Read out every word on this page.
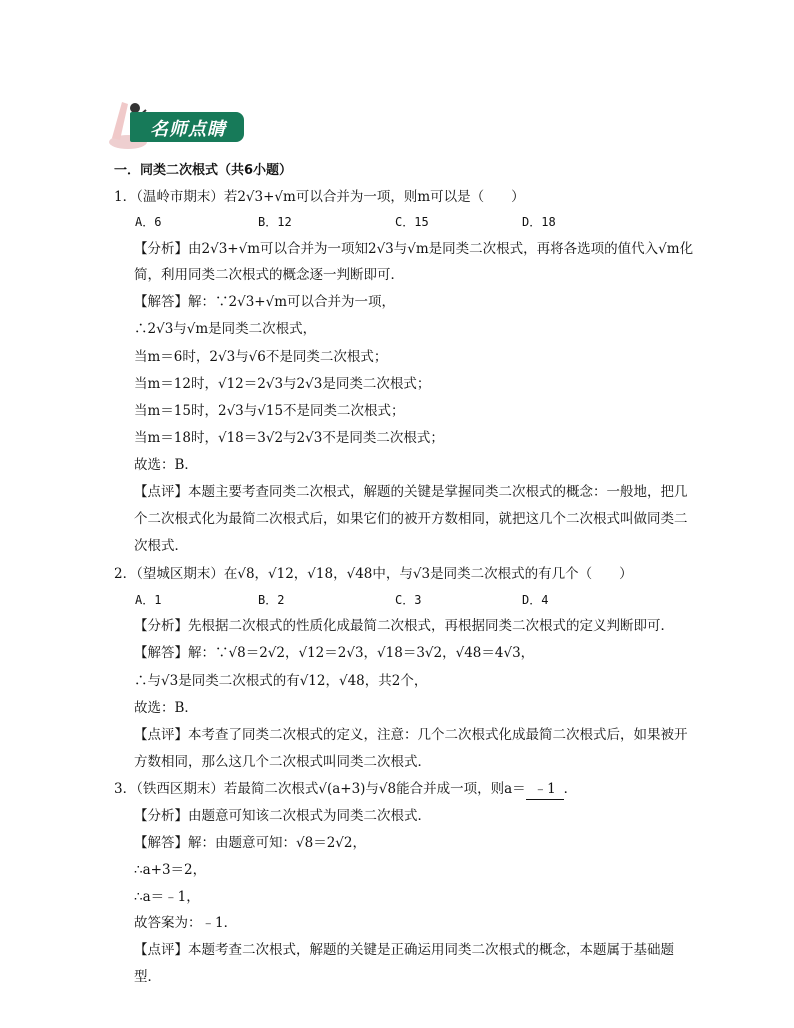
名师点睛
一．同类二次根式（共6小题）
1．（温岭市期末）若2√3+√m可以合并为一项，则m可以是（　　）
A．6	B．12	C．15	D．18
【分析】由2√3+√m可以合并为一项知2√3与√m是同类二次根式，再将各选项的值代入√m化
简，利用同类二次根式的概念逐一判断即可．
【解答】解：∵2√3+√m可以合并为一项，
∴2√3与√m是同类二次根式，
当m＝6时，2√3与√6不是同类二次根式；
当m＝12时，√12＝2√3与2√3是同类二次根式；
当m＝15时，2√3与√15不是同类二次根式；
当m＝18时，√18＝3√2与2√3不是同类二次根式；
故选：B．
【点评】本题主要考查同类二次根式，解题的关键是掌握同类二次根式的概念：一般地，把几
个二次根式化为最简二次根式后，如果它们的被开方数相同，就把这几个二次根式叫做同类二
次根式．
2．（望城区期末）在√8，√12，√18，√48中，与√3是同类二次根式的有几个（　　）
A．1	B．2	C．3	D．4
【分析】先根据二次根式的性质化成最简二次根式，再根据同类二次根式的定义判断即可．
【解答】解：∵√8＝2√2，√12＝2√3，√18＝3√2，√48＝4√3，
∴与√3是同类二次根式的有√12，√48，共2个，
故选：B．
【点评】本考查了同类二次根式的定义，注意：几个二次根式化成最简二次根式后，如果被开
方数相同，那么这几个二次根式叫同类二次根式．
3．（铁西区期末）若最简二次根式√(a+3)与√8能合并成一项，则a＝ ﹣1 ．
【分析】由题意可知该二次根式为同类二次根式．
【解答】解：由题意可知：√8＝2√2，
∴a+3＝2，
∴a＝﹣1，
故答案为：﹣1．
【点评】本题考查二次根式，解题的关键是正确运用同类二次根式的概念，本题属于基础题
型．
